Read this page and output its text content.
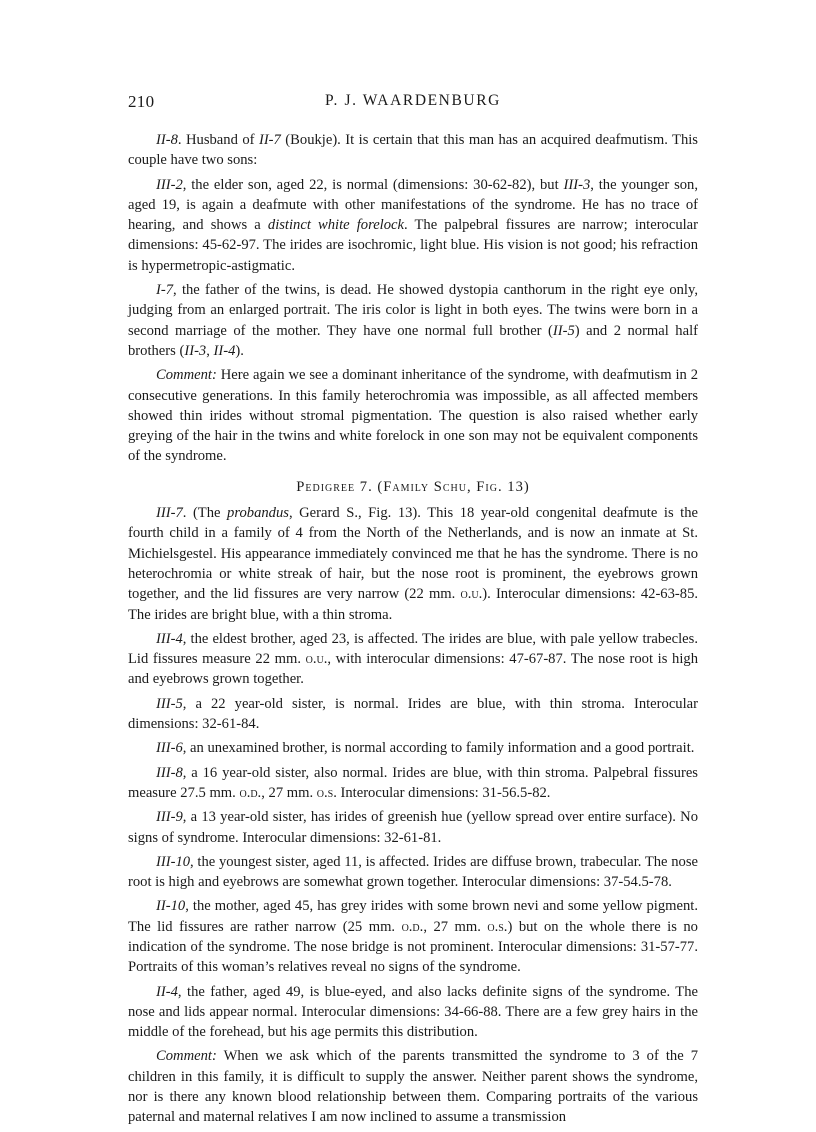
210	P. J. WAARDENBURG

II-8. Husband of II-7 (Boukje). It is certain that this man has an acquired deafmutism. This couple have two sons:

III-2, the elder son, aged 22, is normal (dimensions: 30-62-82), but III-3, the younger son, aged 19, is again a deafmute with other manifestations of the syndrome. He has no trace of hearing, and shows a distinct white forelock. The palpebral fissures are narrow; interocular dimensions: 45-62-97. The irides are isochromic, light blue. His vision is not good; his refraction is hypermetropic-astigmatic.

I-7, the father of the twins, is dead. He showed dystopia canthorum in the right eye only, judging from an enlarged portrait. The iris color is light in both eyes. The twins were born in a second marriage of the mother. They have one normal full brother (II-5) and 2 normal half brothers (II-3, II-4).

Comment: Here again we see a dominant inheritance of the syndrome, with deafmutism in 2 consecutive generations. In this family heterochromia was impossible, as all affected members showed thin irides without stromal pigmentation. The question is also raised whether early greying of the hair in the twins and white forelock in one son may not be equivalent components of the syndrome.

Pedigree 7. (Family Schu, Fig. 13)

III-7. (The probandus, Gerard S., Fig. 13). This 18 year-old congenital deafmute is the fourth child in a family of 4 from the North of the Netherlands, and is now an inmate at St. Michielsgestel. His appearance immediately convinced me that he has the syndrome. There is no heterochromia or white streak of hair, but the nose root is prominent, the eyebrows grown together, and the lid fissures are very narrow (22 mm. o.u.). Interocular dimensions: 42-63-85. The irides are bright blue, with a thin stroma.

III-4, the eldest brother, aged 23, is affected. The irides are blue, with pale yellow trabecles. Lid fissures measure 22 mm. o.u., with interocular dimensions: 47-67-87. The nose root is high and eyebrows grown together.

III-5, a 22 year-old sister, is normal. Irides are blue, with thin stroma. Interocular dimensions: 32-61-84.

III-6, an unexamined brother, is normal according to family information and a good portrait.

III-8, a 16 year-old sister, also normal. Irides are blue, with thin stroma. Palpebral fissures measure 27.5 mm. o.d., 27 mm. o.s. Interocular dimensions: 31-56.5-82.

III-9, a 13 year-old sister, has irides of greenish hue (yellow spread over entire surface). No signs of syndrome. Interocular dimensions: 32-61-81.

III-10, the youngest sister, aged 11, is affected. Irides are diffuse brown, trabecular. The nose root is high and eyebrows are somewhat grown together. Interocular dimensions: 37-54.5-78.

II-10, the mother, aged 45, has grey irides with some brown nevi and some yellow pigment. The lid fissures are rather narrow (25 mm. o.d., 27 mm. o.s.) but on the whole there is no indication of the syndrome. The nose bridge is not prominent. Interocular dimensions: 31-57-77. Portraits of this woman’s relatives reveal no signs of the syndrome.

II-4, the father, aged 49, is blue-eyed, and also lacks definite signs of the syndrome. The nose and lids appear normal. Interocular dimensions: 34-66-88. There are a few grey hairs in the middle of the forehead, but his age permits this distribution.

Comment: When we ask which of the parents transmitted the syndrome to 3 of the 7 children in this family, it is difficult to supply the answer. Neither parent shows the syndrome, nor is there any known blood relationship between them. Comparing portraits of the various paternal and maternal relatives I am now inclined to assume a transmission
